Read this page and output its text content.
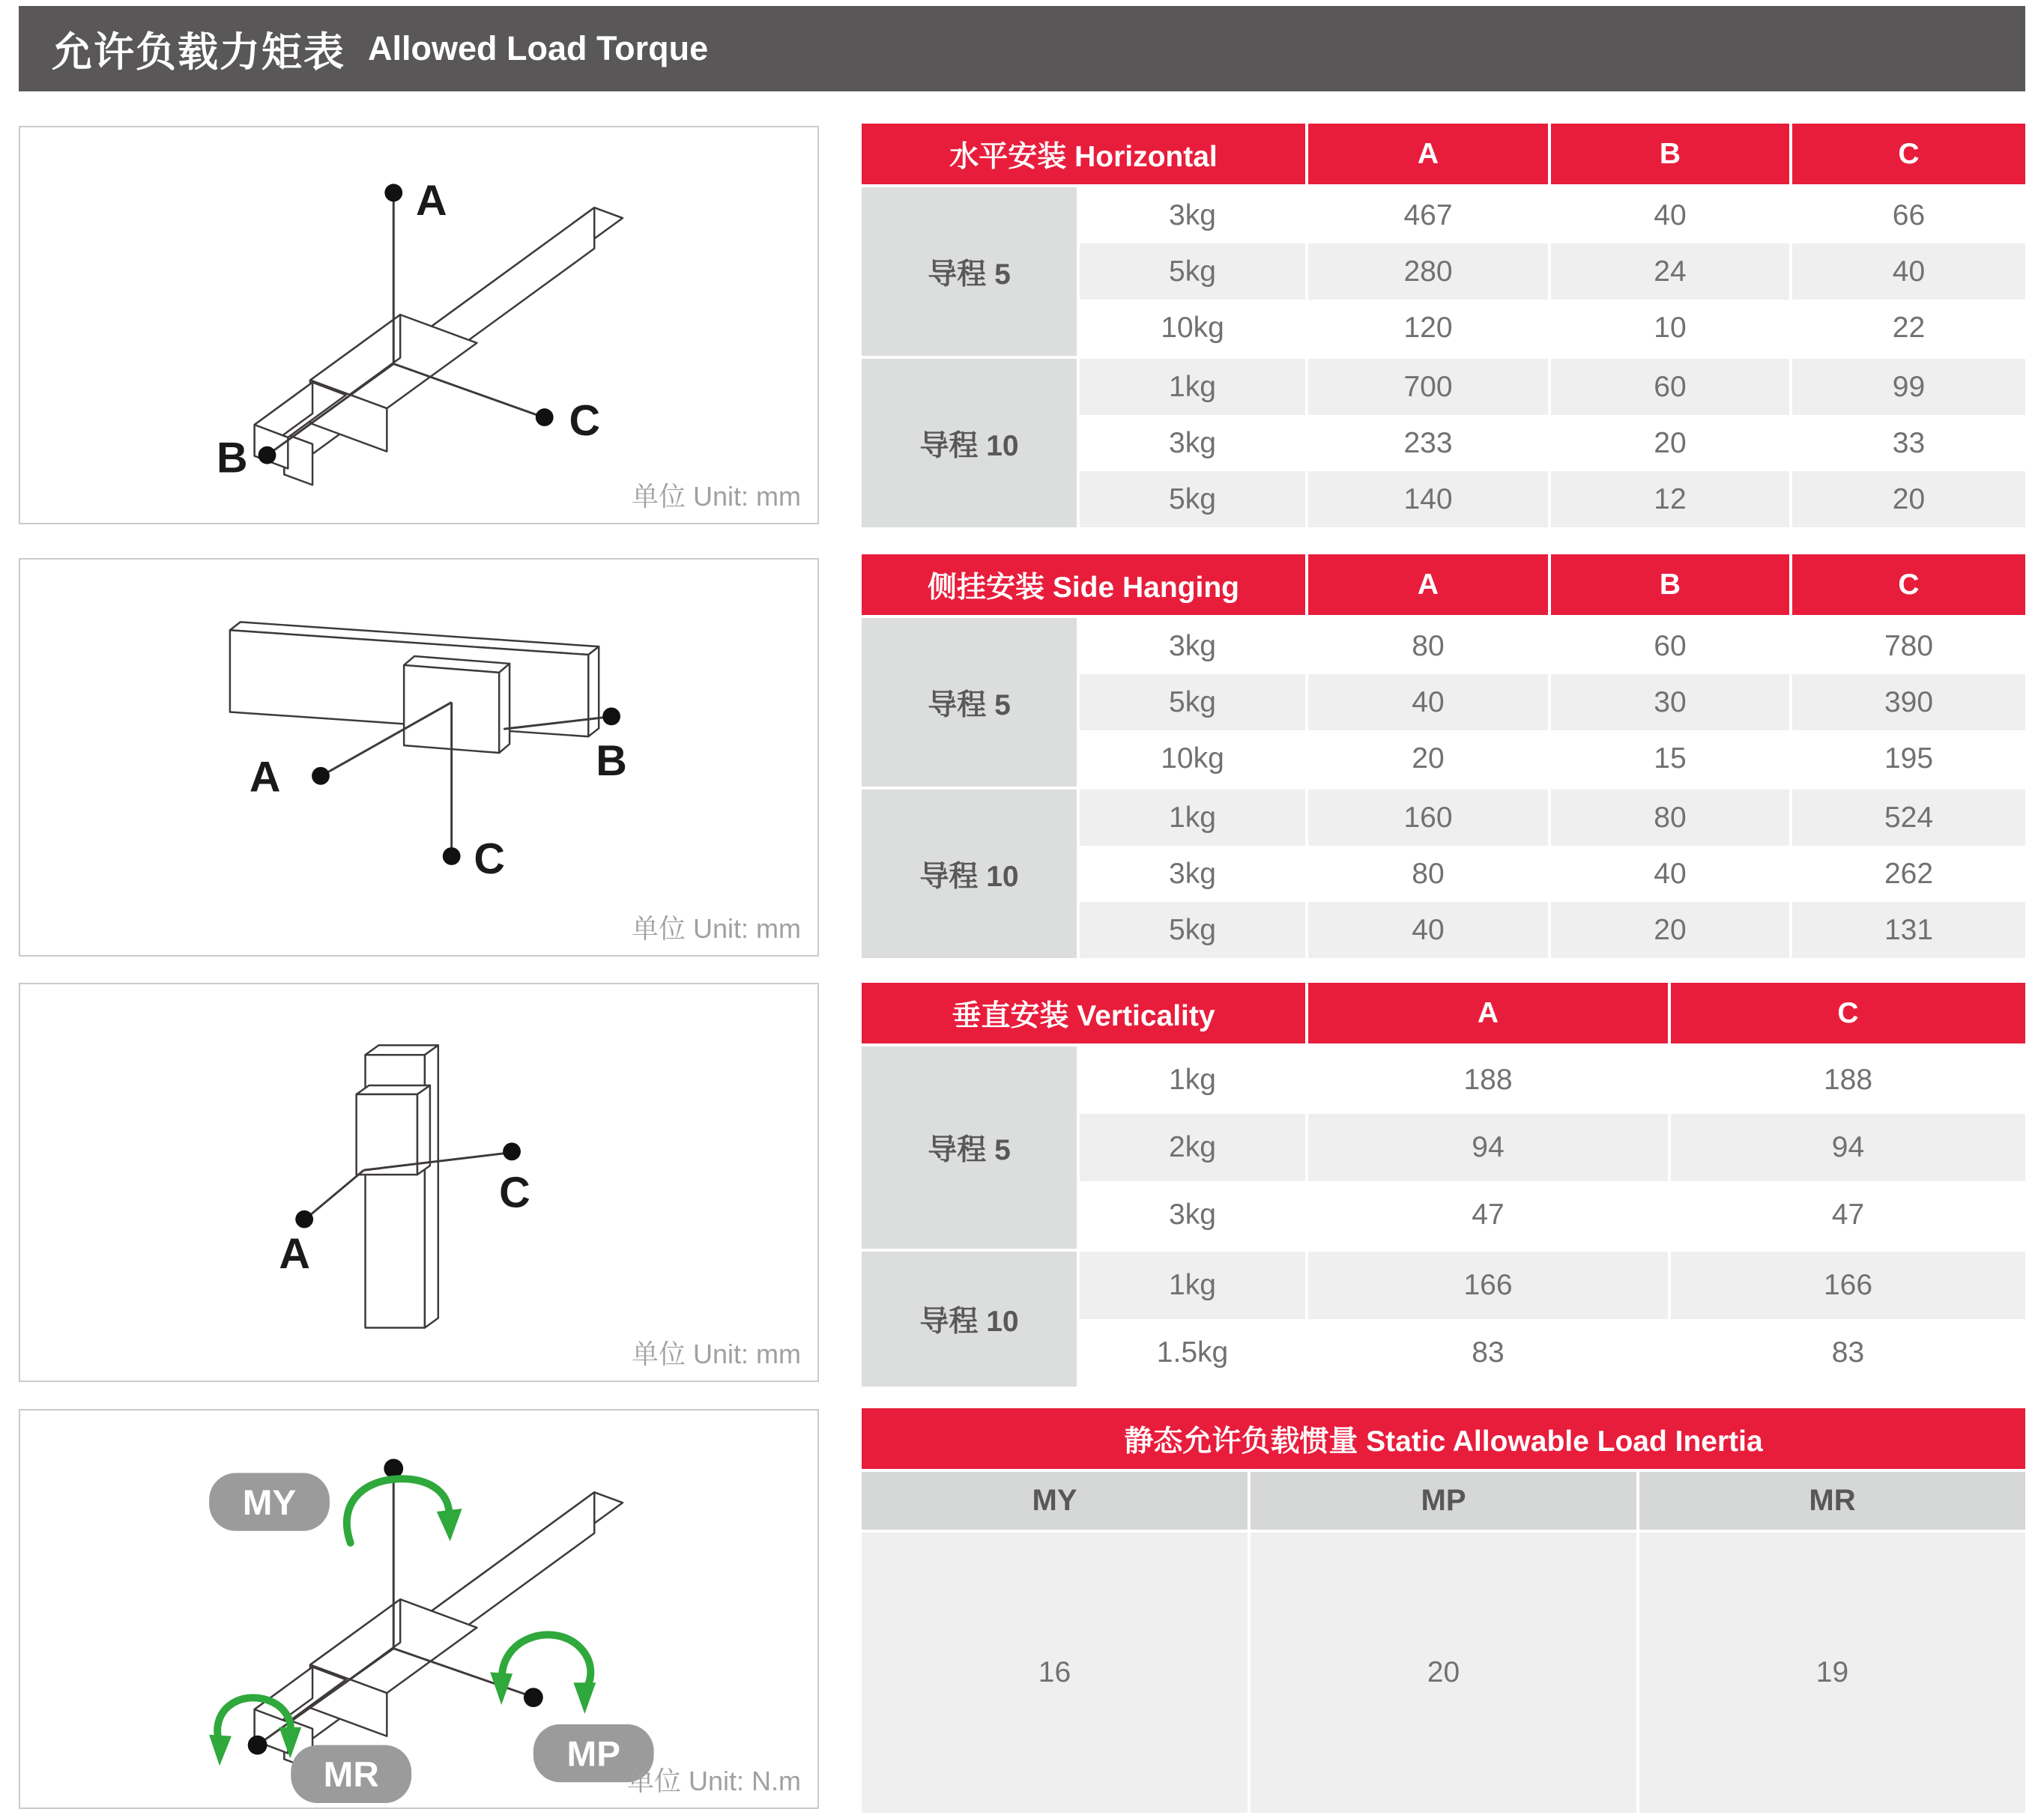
允许负载力矩表 Allowed Load Torque
A
C
B
单位 Unit: mm
A
C
B
单位 Unit: mm
A
C
单位 Unit: mm
MY
MP
MR	单位 Unit: N.m
水平安装 Horizontal	A	B	C
导程 5
3kg	467	40	66
5kg	280	24	40
10kg	120	10	22
导程 10
1kg	700	60	99
3kg	233	20	33
5kg	140	12	20
侧挂安装 Side Hanging	A	B	C
导程 5
3kg	80	60	780
5kg	40	30	390
10kg	20	15	195
导程 10
1kg	160	80	524
3kg	80	40	262
5kg	40	20	131
垂直安装 Verticality	A	C
导程 5
1kg	188	188
2kg	94	94
3kg	47	47
导程 10
1kg	166	166
1.5kg	83	83
静态允许负载惯量 Static Allowable Load Inertia
MY	MP	MR
16	20	19
